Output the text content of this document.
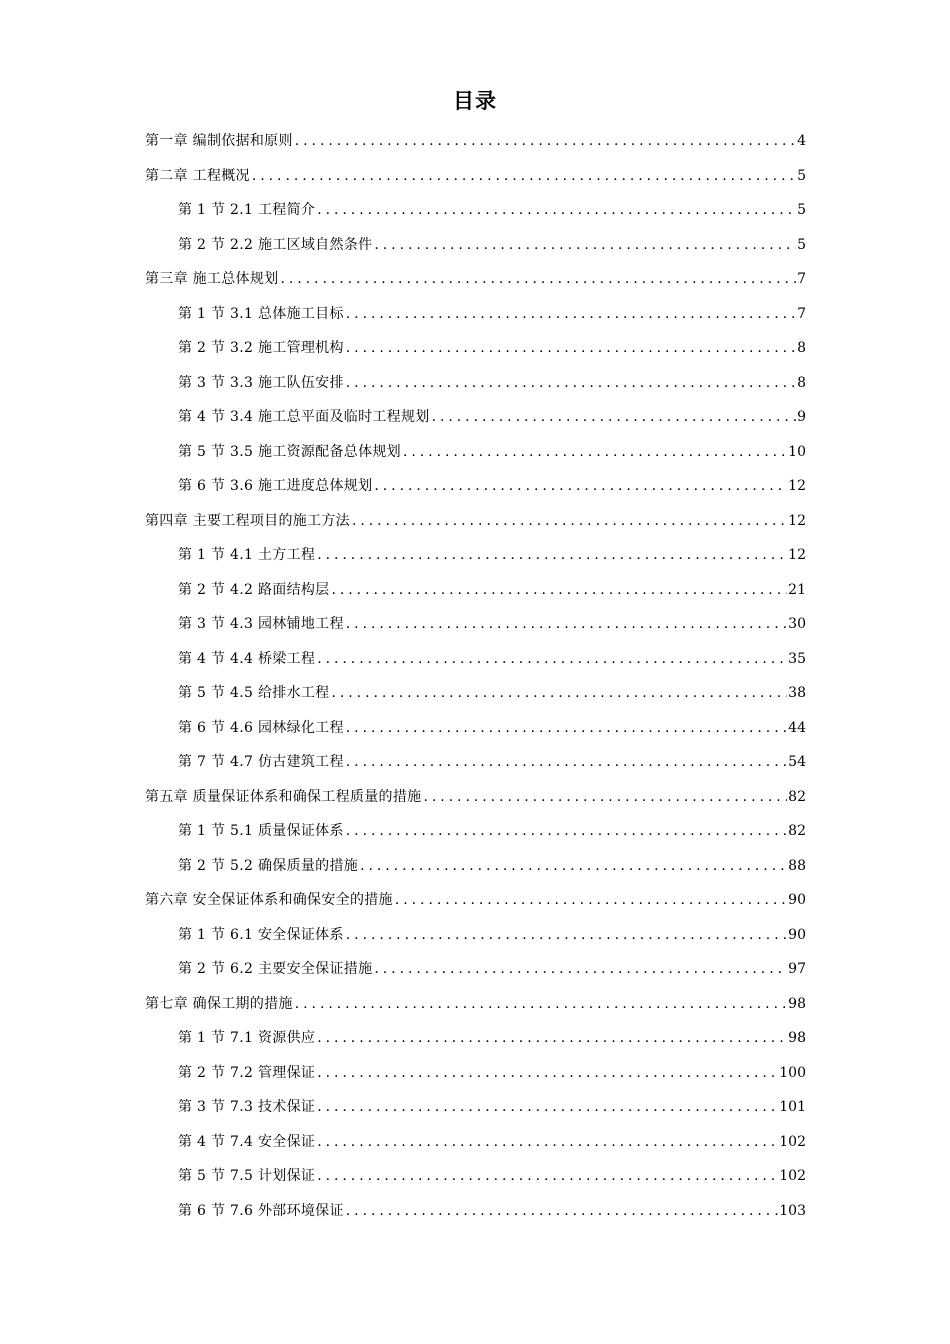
目录
第一章 编制依据和原则 . . .	4
第二章 工程概况 . . .	5
第 1 节 2.1 工程简介 . . .	5
第 2 节 2.2 施工区域自然条件 . . .	5
第三章 施工总体规划 . . .	7
第 1 节 3.1 总体施工目标 . . .	7
第 2 节 3.2 施工管理机构 . . .	8
第 3 节 3.3 施工队伍安排 . . .	8
第 4 节 3.4 施工总平面及临时工程规划 . . .	9
第 5 节 3.5 施工资源配备总体规划 . . .	10
第 6 节 3.6 施工进度总体规划 . . .	12
第四章 主要工程项目的施工方法 . . .	12
第 1 节 4.1 土方工程 . . .	12
第 2 节 4.2 路面结构层 . . .	21
第 3 节 4.3 园林铺地工程 . . .	30
第 4 节 4.4 桥梁工程 . . .	35
第 5 节 4.5 给排水工程 . . .	38
第 6 节 4.6 园林绿化工程 . . .	44
第 7 节 4.7 仿古建筑工程 . . .	54
第五章 质量保证体系和确保工程质量的措施 . . .	82
第 1 节 5.1 质量保证体系 . . .	82
第 2 节 5.2 确保质量的措施 . . .	88
第六章 安全保证体系和确保安全的措施 . . .	90
第 1 节 6.1 安全保证体系 . . .	90
第 2 节 6.2 主要安全保证措施 . . .	97
第七章 确保工期的措施 . . .	98
第 1 节 7.1 资源供应 . . .	98
第 2 节 7.2 管理保证 . . .	100
第 3 节 7.3 技术保证 . . .	101
第 4 节 7.4 安全保证 . . .	102
第 5 节 7.5 计划保证 . . .	102
第 6 节 7.6 外部环境保证 . . .	103
